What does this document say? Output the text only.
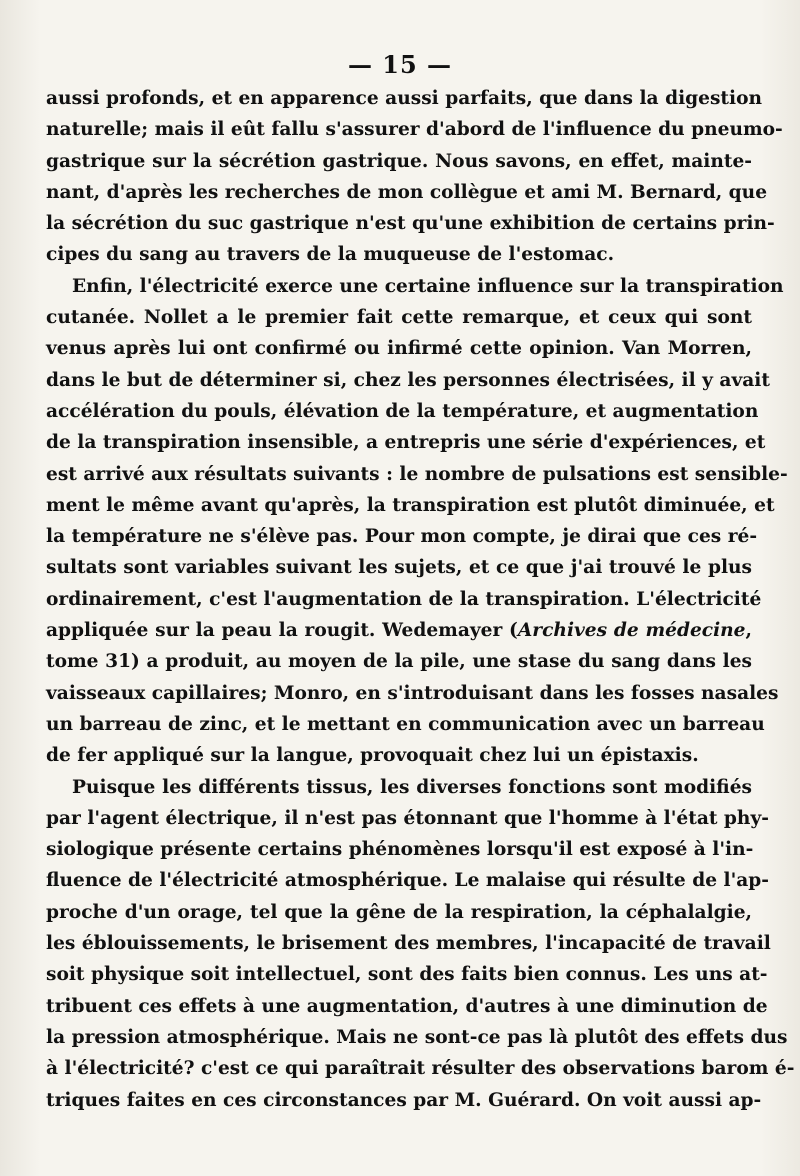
— 15 —
aussi profonds, et en apparence aussi parfaits, que dans la digestion
naturelle; mais il eût fallu s'assurer d'abord de l'influence du pneumo-
gastrique sur la sécrétion gastrique. Nous savons, en effet, mainte-
nant, d'après les recherches de mon collègue et ami M. Bernard, que
la sécrétion du suc gastrique n'est qu'une exhibition de certains prin-
cipes du sang au travers de la muqueuse de l'estomac.
Enfin, l'électricité exerce une certaine influence sur la transpiration
cutanée. Nollet a le premier fait cette remarque, et ceux qui sont
venus après lui ont confirmé ou infirmé cette opinion. Van Morren,
dans le but de déterminer si, chez les personnes électrisées, il y avait
accélération du pouls, élévation de la température, et augmentation
de la transpiration insensible, a entrepris une série d'expériences, et
est arrivé aux résultats suivants : le nombre de pulsations est sensible-
ment le même avant qu'après, la transpiration est plutôt diminuée, et
la température ne s'élève pas. Pour mon compte, je dirai que ces ré-
sultats sont variables suivant les sujets, et ce que j'ai trouvé le plus
ordinairement, c'est l'augmentation de la transpiration. L'électricité
appliquée sur la peau la rougit. Wedemayer (Archives de médecine,
tome 31) a produit, au moyen de la pile, une stase du sang dans les
vaisseaux capillaires; Monro, en s'introduisant dans les fosses nasales
un barreau de zinc, et le mettant en communication avec un barreau
de fer appliqué sur la langue, provoquait chez lui un épistaxis.
Puisque les différents tissus, les diverses fonctions sont modifiés
par l'agent électrique, il n'est pas étonnant que l'homme à l'état phy-
siologique présente certains phénomènes lorsqu'il est exposé à l'in-
fluence de l'électricité atmosphérique. Le malaise qui résulte de l'ap-
proche d'un orage, tel que la gêne de la respiration, la céphalalgie,
les éblouissements, le brisement des membres, l'incapacité de travail
soit physique soit intellectuel, sont des faits bien connus. Les uns at-
tribuent ces effets à une augmentation, d'autres à une diminution de
la pression atmosphérique. Mais ne sont-ce pas là plutôt des effets dus
à l'électricité? c'est ce qui paraîtrait résulter des observations barom é-
triques faites en ces circonstances par M. Guérard. On voit aussi ap-
